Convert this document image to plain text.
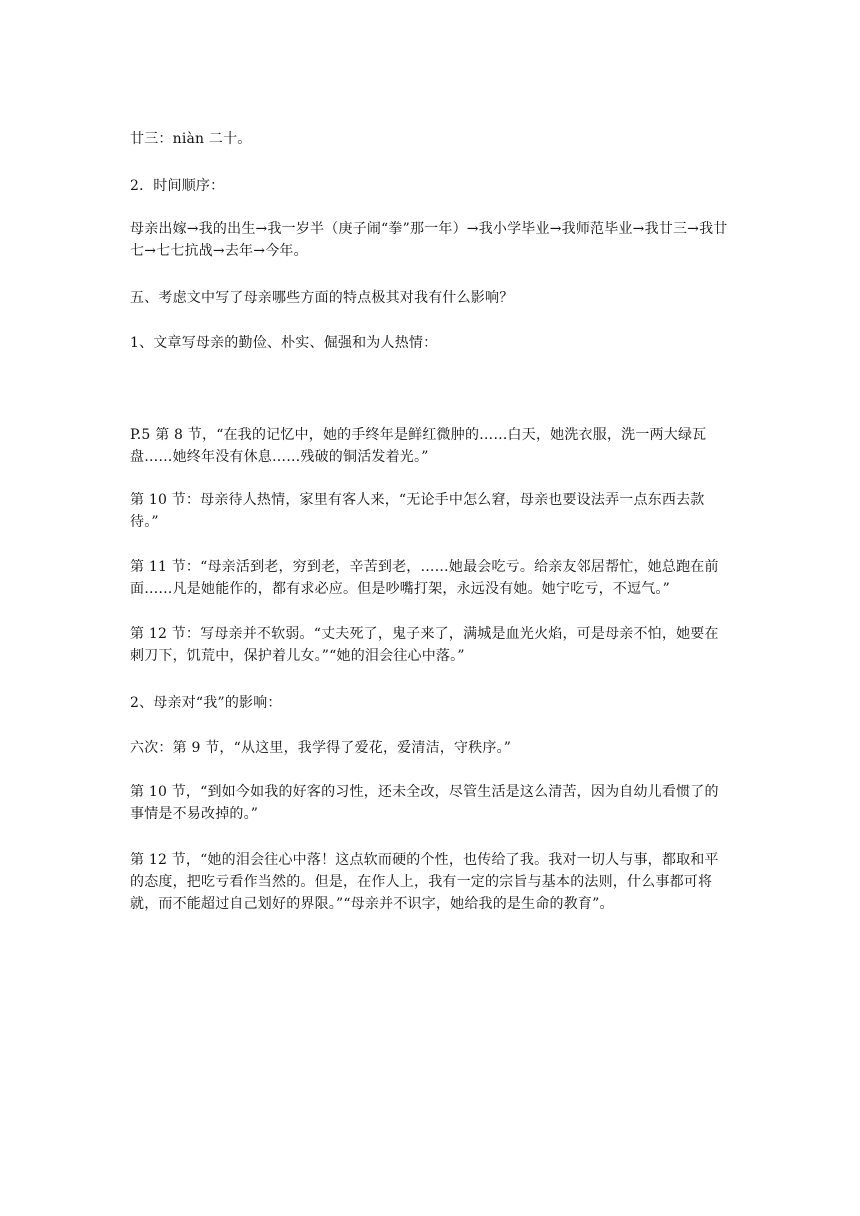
廿三：niàn 二十。

2．时间顺序：

母亲出嫁→我的出生→我一岁半（庚子闹“拳”那一年）→我小学毕业→我师范毕业→我廿三→我廿七→七七抗战→去年→今年。

五、考虑文中写了母亲哪些方面的特点极其对我有什么影响？

1、文章写母亲的勤俭、朴实、倔强和为人热情：

P.5 第 8 节，“在我的记忆中，她的手终年是鲜红微肿的……白天，她洗衣服，洗一两大绿瓦盘……她终年没有休息……残破的铜活发着光。”

第 10 节：母亲待人热情，家里有客人来，“无论手中怎么窘，母亲也要设法弄一点东西去款待。”

第 11 节：“母亲活到老，穷到老，辛苦到老，……她最会吃亏。给亲友邻居帮忙，她总跑在前面……凡是她能作的，都有求必应。但是吵嘴打架，永远没有她。她宁吃亏，不逗气。”

第 12 节：写母亲并不软弱。“丈夫死了，鬼子来了，满城是血光火焰，可是母亲不怕，她要在刺刀下，饥荒中，保护着儿女。”“她的泪会往心中落。”

2、母亲对“我”的影响：

六次：第 9 节，“从这里，我学得了爱花，爱清洁，守秩序。”

第 10 节，“到如今如我的好客的习性，还未全改，尽管生活是这么清苦，因为自幼儿看惯了的事情是不易改掉的。”

第 12 节，“她的泪会往心中落！这点软而硬的个性，也传给了我。我对一切人与事，都取和平的态度，把吃亏看作当然的。但是，在作人上，我有一定的宗旨与基本的法则，什么事都可将就，而不能超过自己划好的界限。”“母亲并不识字，她给我的是生命的教育”。
